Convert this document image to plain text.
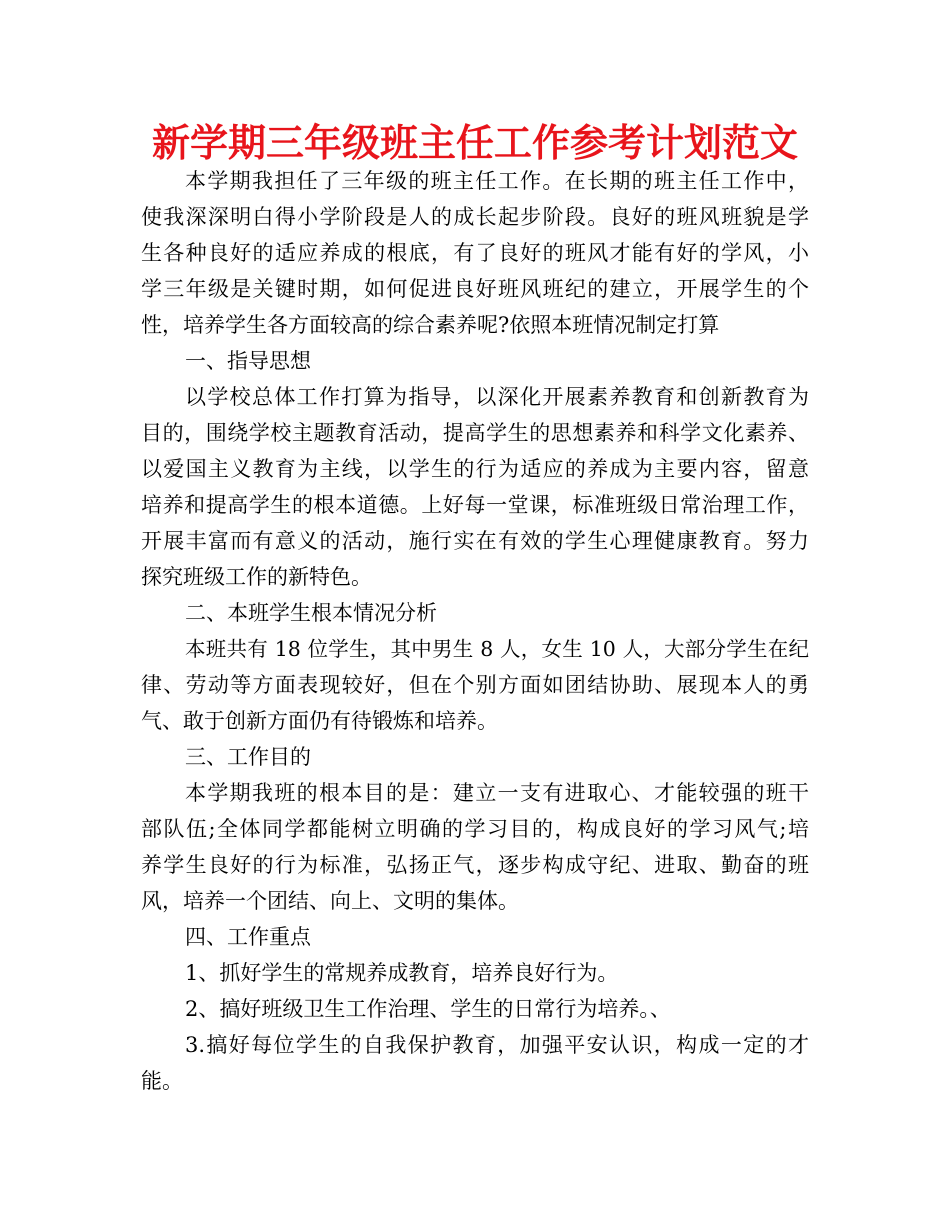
新学期三年级班主任工作参考计划范文
本学期我担任了三年级的班主任工作。在长期的班主任工作中，
使我深深明白得小学阶段是人的成长起步阶段。良好的班风班貌是学
生各种良好的适应养成的根底，有了良好的班风才能有好的学风，小
学三年级是关键时期，如何促进良好班风班纪的建立，开展学生的个
性，培养学生各方面较高的综合素养呢?依照本班情况制定打算
一、指导思想
以学校总体工作打算为指导，以深化开展素养教育和创新教育为
目的，围绕学校主题教育活动，提高学生的思想素养和科学文化素养、
以爱国主义教育为主线，以学生的行为适应的养成为主要内容，留意
培养和提高学生的根本道德。上好每一堂课，标准班级日常治理工作，
开展丰富而有意义的活动，施行实在有效的学生心理健康教育。努力
探究班级工作的新特色。
二、本班学生根本情况分析
本班共有 18 位学生，其中男生 8 人，女生 10 人，大部分学生在纪
律、劳动等方面表现较好，但在个别方面如团结协助、展现本人的勇
气、敢于创新方面仍有待锻炼和培养。
三、工作目的
本学期我班的根本目的是：建立一支有进取心、才能较强的班干
部队伍;全体同学都能树立明确的学习目的，构成良好的学习风气;培
养学生良好的行为标准，弘扬正气，逐步构成守纪、进取、勤奋的班
风，培养一个团结、向上、文明的集体。
四、工作重点
1、抓好学生的常规养成教育，培养良好行为。
2、搞好班级卫生工作治理、学生的日常行为培养。、
3.搞好每位学生的自我保护教育，加强平安认识，构成一定的才
能。
